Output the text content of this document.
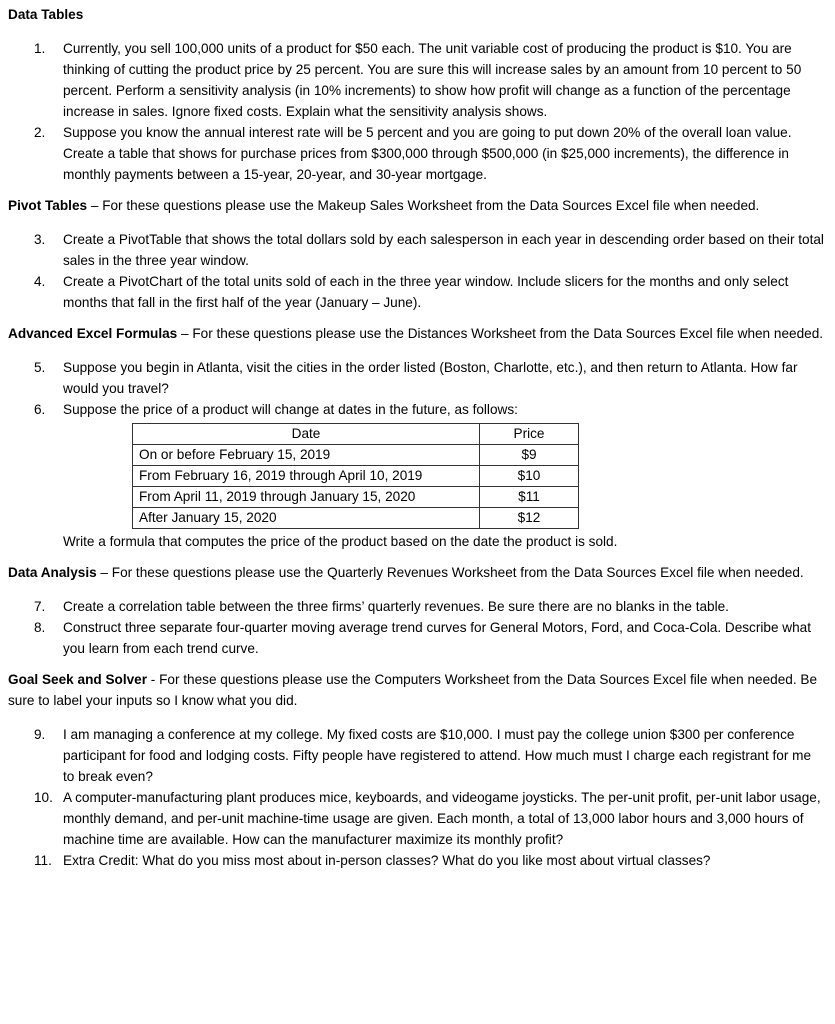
Data Tables
1.	Currently, you sell 100,000 units of a product for $50 each. The unit variable cost of producing the product is $10. You are thinking of cutting the product price by 25 percent. You are sure this will increase sales by an amount from 10 percent to 50 percent. Perform a sensitivity analysis (in 10% increments) to show how profit will change as a function of the percentage increase in sales. Ignore fixed costs. Explain what the sensitivity analysis shows.
2.	Suppose you know the annual interest rate will be 5 percent and you are going to put down 20% of the overall loan value. Create a table that shows for purchase prices from $300,000 through $500,000 (in $25,000 increments), the difference in monthly payments between a 15-year, 20-year, and 30-year mortgage.
Pivot Tables – For these questions please use the Makeup Sales Worksheet from the Data Sources Excel file when needed.
3.	Create a PivotTable that shows the total dollars sold by each salesperson in each year in descending order based on their total sales in the three year window.
4.	Create a PivotChart of the total units sold of each in the three year window. Include slicers for the months and only select months that fall in the first half of the year (January – June).
Advanced Excel Formulas – For these questions please use the Distances Worksheet from the Data Sources Excel file when needed.
5.	Suppose you begin in Atlanta, visit the cities in the order listed (Boston, Charlotte, etc.), and then return to Atlanta. How far would you travel?
6.	Suppose the price of a product will change at dates in the future, as follows:
Date	Price
On or before February 15, 2019	$9
From February 16, 2019 through April 10, 2019	$10
From April 11, 2019 through January 15, 2020	$11
After January 15, 2020	$12
Write a formula that computes the price of the product based on the date the product is sold.
Data Analysis – For these questions please use the Quarterly Revenues Worksheet from the Data Sources Excel file when needed.
7.	Create a correlation table between the three firms’ quarterly revenues. Be sure there are no blanks in the table.
8.	Construct three separate four-quarter moving average trend curves for General Motors, Ford, and Coca-Cola. Describe what you learn from each trend curve.
Goal Seek and Solver - For these questions please use the Computers Worksheet from the Data Sources Excel file when needed. Be sure to label your inputs so I know what you did.
9.	I am managing a conference at my college. My fixed costs are $10,000. I must pay the college union $300 per conference participant for food and lodging costs. Fifty people have registered to attend. How much must I charge each registrant for me to break even?
10. A computer-manufacturing plant produces mice, keyboards, and videogame joysticks. The per-unit profit, per-unit labor usage, monthly demand, and per-unit machine-time usage are given. Each month, a total of 13,000 labor hours and 3,000 hours of machine time are available. How can the manufacturer maximize its monthly profit?
11. Extra Credit: What do you miss most about in-person classes? What do you like most about virtual classes?
